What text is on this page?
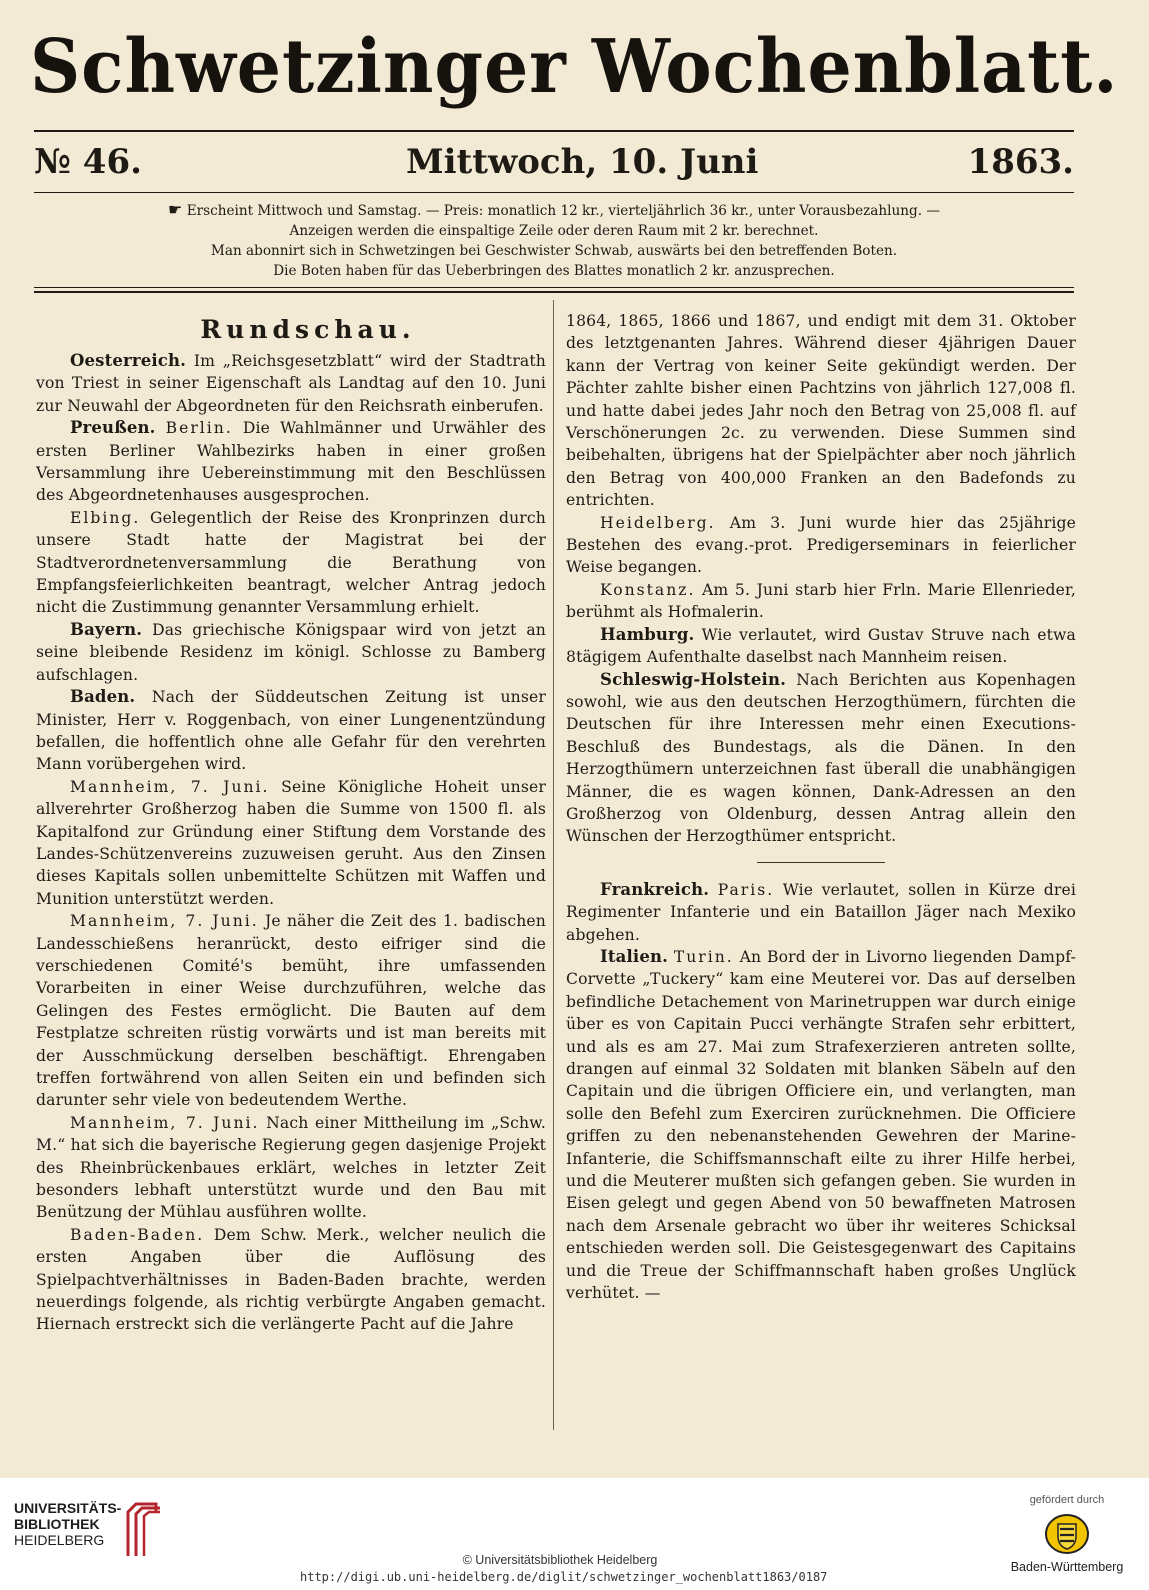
Schwetzinger Wochenblatt.
№ 46.	Mittwoch, 10. Juni	1863.
☛ Erscheint Mittwoch und Samstag. — Preis: monatlich 12 kr., vierteljährlich 36 kr., unter Vorausbezahlung. —
Anzeigen werden die einspaltige Zeile oder deren Raum mit 2 kr. berechnet.
Man abonnirt sich in Schwetzingen bei Geschwister Schwab, auswärts bei den betreffenden Boten.
Die Boten haben für das Ueberbringen des Blattes monatlich 2 kr. anzusprechen.

Rundschau.

Oesterreich. Im „Reichsgesetzblatt“ wird der Stadtrath von Triest in seiner Eigenschaft als Landtag auf den 10. Juni zur Neuwahl der Abgeordneten für den Reichsrath einberufen.

Preußen. Berlin. Die Wahlmänner und Urwähler des ersten Berliner Wahlbezirks haben in einer großen Versammlung ihre Uebereinstimmung mit den Beschlüssen des Abgeordnetenhauses ausgesprochen.

Elbing. Gelegentlich der Reise des Kronprinzen durch unsere Stadt hatte der Magistrat bei der Stadtverordnetenversammlung die Berathung von Empfangsfeierlichkeiten beantragt, welcher Antrag jedoch nicht die Zustimmung genannter Versammlung erhielt.

Bayern. Das griechische Königspaar wird von jetzt an seine bleibende Residenz im königl. Schlosse zu Bamberg aufschlagen.

Baden. Nach der Süddeutschen Zeitung ist unser Minister, Herr v. Roggenbach, von einer Lungenentzündung befallen, die hoffentlich ohne alle Gefahr für den verehrten Mann vorübergehen wird.

Mannheim, 7. Juni. Seine Königliche Hoheit unser allverehrter Großherzog haben die Summe von 1500 fl. als Kapitalfond zur Gründung einer Stiftung dem Vorstande des Landes-Schützenvereins zuzuweisen geruht. Aus den Zinsen dieses Kapitals sollen unbemittelte Schützen mit Waffen und Munition unterstützt werden.

Mannheim, 7. Juni. Je näher die Zeit des 1. badischen Landesschießens heranrückt, desto eifriger sind die verschiedenen Comité's bemüht, ihre umfassenden Vorarbeiten in einer Weise durchzuführen, welche das Gelingen des Festes ermöglicht. Die Bauten auf dem Festplatze schreiten rüstig vorwärts und ist man bereits mit der Ausschmückung derselben beschäftigt. Ehrengaben treffen fortwährend von allen Seiten ein und befinden sich darunter sehr viele von bedeutendem Werthe.

Mannheim, 7. Juni. Nach einer Mittheilung im „Schw. M.“ hat sich die bayerische Regierung gegen dasjenige Projekt des Rheinbrückenbaues erklärt, welches in letzter Zeit besonders lebhaft unterstützt wurde und den Bau mit Benützung der Mühlau ausführen wollte.

Baden-Baden. Dem Schw. Merk., welcher neulich die ersten Angaben über die Auflösung des Spielpachtverhältnisses in Baden-Baden brachte, werden neuerdings folgende, als richtig verbürgte Angaben gemacht. Hiernach erstreckt sich die verlängerte Pacht auf die Jahre

1864, 1865, 1866 und 1867, und endigt mit dem 31. Oktober des letztgenanten Jahres. Während dieser 4jährigen Dauer kann der Vertrag von keiner Seite gekündigt werden. Der Pächter zahlte bisher einen Pachtzins von jährlich 127,008 fl. und hatte dabei jedes Jahr noch den Betrag von 25,008 fl. auf Verschönerungen 2c. zu verwenden. Diese Summen sind beibehalten, übrigens hat der Spielpächter aber noch jährlich den Betrag von 400,000 Franken an den Badefonds zu entrichten.

Heidelberg. Am 3. Juni wurde hier das 25jährige Bestehen des evang.-prot. Predigerseminars in feierlicher Weise begangen.

Konstanz. Am 5. Juni starb hier Frln. Marie Ellenrieder, berühmt als Hofmalerin.

Hamburg. Wie verlautet, wird Gustav Struve nach etwa 8tägigem Aufenthalte daselbst nach Mannheim reisen.

Schleswig-Holstein. Nach Berichten aus Kopenhagen sowohl, wie aus den deutschen Herzogthümern, fürchten die Deutschen für ihre Interessen mehr einen Executions-Beschluß des Bundestags, als die Dänen. In den Herzogthümern unterzeichnen fast überall die unabhängigen Männer, die es wagen können, Dank-Adressen an den Großherzog von Oldenburg, dessen Antrag allein den Wünschen der Herzogthümer entspricht.

Frankreich. Paris. Wie verlautet, sollen in Kürze drei Regimenter Infanterie und ein Bataillon Jäger nach Mexiko abgehen.

Italien. Turin. An Bord der in Livorno liegenden Dampf-Corvette „Tuckery“ kam eine Meuterei vor. Das auf derselben befindliche Detachement von Marinetruppen war durch einige über es von Capitain Pucci verhängte Strafen sehr erbittert, und als es am 27. Mai zum Strafexerzieren antreten sollte, drangen auf einmal 32 Soldaten mit blanken Säbeln auf den Capitain und die übrigen Officiere ein, und verlangten, man solle den Befehl zum Exerciren zurücknehmen. Die Officiere griffen zu den nebenanstehenden Gewehren der Marine-Infanterie, die Schiffsmannschaft eilte zu ihrer Hilfe herbei, und die Meuterer mußten sich gefangen geben. Sie wurden in Eisen gelegt und gegen Abend von 50 bewaffneten Matrosen nach dem Arsenale gebracht wo über ihr weiteres Schicksal entschieden werden soll. Die Geistesgegenwart des Capitains und die Treue der Schiffmannschaft haben großes Unglück verhütet. —

UNIVERSITÄTS-
BIBLIOTHEK
HEIDELBERG
© Universitätsbibliothek Heidelberg
http://digi.ub.uni-heidelberg.de/diglit/schwetzinger_wochenblatt1863/0187
gefördert durch
Baden-Württemberg
